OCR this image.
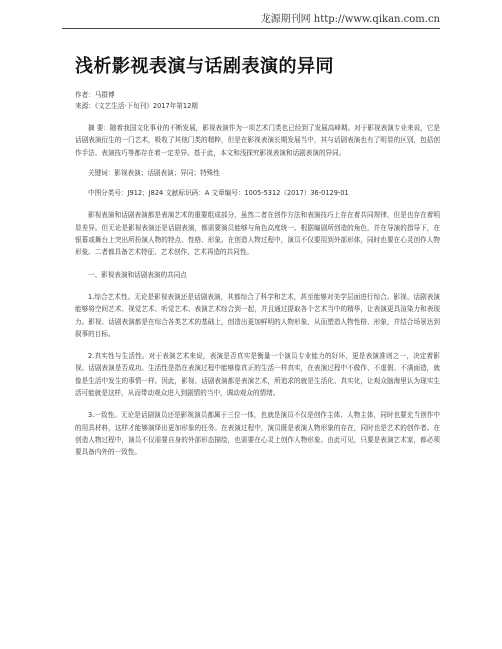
龙源期刊网 http://www.qikan.com.cn
浅析影视表演与话剧表演的异同
作者：马群博
来源：《文艺生活·下旬刊》2017年第12期

摘 要：随着我国文化事业的不断发展，影视表演作为一项艺术门类也已经到了发展高峰期。对于影视表演专业来说，它是话剧表演衍生的一门艺术，吸收了其他门类的精粹，但是在影视表演长期发展当中，其与话剧表演也有了明显的区别，包括创作手法、表演技巧等都存在着一定差异。基于此，本文和浅探究影视表演和话剧表演的异同。

关键词：影视表演；话剧表演；异同；特殊性

中图分类号：J912；J824 文献标识码：A 文章编号：1005-5312（2017）36-0129-01

影视表演和话剧表演都是表演艺术的重要组成部分，虽然二者在创作方法和表演技巧上存在着共同规律，但是也存在着明显差异。但无论是影视表演还是话剧表演，都需要演员能够与角色高度统一。根据编剧所创造的角色，并在导演的指导下，在银幕或舞台上突出所扮演人物的特点、性格、形象。在创造人物过程中，演员不仅要用到外部形体，同时也要在心灵创作人物形象。二者都具备艺术特征、艺术创作、艺术再造的共同性。

一、影视表演和话剧表演的共同点

1.综合艺术性。无论是影视表演还是话剧表演，其都综合了科学和艺术，甚至能够对美学层面进行综合。影视、话剧表演能够将空间艺术、视觉艺术、听觉艺术、表演艺术综合到一起，并且通过提取各个艺术当中的精华，让表演更具渲染力和表现力。影视、话剧表演都是在综合各类艺术的基础上，创造出更加鲜明的人物形象，从而塑造人物性格、形象，并结合场景达到叙事的目标。

2.真实性与生活性。对于表演艺术来说，表演是否真实是衡量一个演员专业能力的好坏，更是表演准则之一，决定着影视、话剧表演是否成功。生活性是指在表演过程中能够像真正的生活一样真实，在表演过程中不做作、不虚假、不满面造，就像是生活中发生的事情一样。因此，影视、话剧表演都是表演艺术，所追求的就是生活化、真实化，让观众脑海里认为现实生活可能就是这样，从而带动观众进入到剧情的当中，调动观众的情绪。

3.一致性。无论是话剧演员还是影视演员都属于三位一体，也就是演员不仅是创作主体、人物主体，同时也要充当创作中的用具材料，这样才能够演绎出更加形象的任务。在表演过程中，演员既是表演人物形象的存在，同时也是艺术的创作者。在创造人物过程中，演员不仅需要自身的外部形态描绘，也需要在心灵上创作人物形象。由此可见，只要是表演艺术家，都必须要具备内外的一致性。
